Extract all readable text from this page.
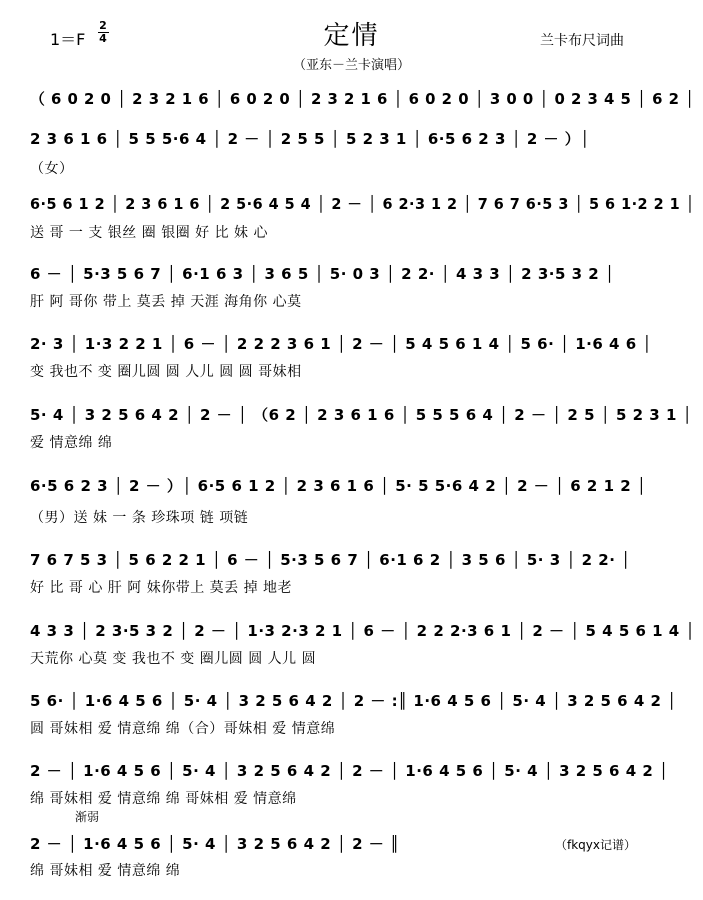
1＝F
2
4	定情	兰卡布尺词曲
（亚东－兰卡演唱）
（ 6 0 2 0 │ 2 3 2 1 6 │ 6 0 2 0 │ 2 3 2 1 6 │ 6 0 2 0 │ 3 0 0 │ 0 2 3 4 5 │ 6 2 │
2 3 6 1 6 │ 5 5 5·6 4 │ 2 － │ 2 5 5 │ 5 2 3 1 │ 6·5 6 2 3 │ 2 － ）│
（女）
6·5 6 1 2 │ 2 3 6 1 6 │ 2 5·6 4 5 4 │ 2 － │ 6 2·3 1 2 │ 7 6 7 6·5 3 │ 5 6 1·2 2 1 │
送 哥 一 支 银丝 圈 银圈 好 比 妹 心
6 － │ 5·3 5 6 7 │ 6·1 6 3 │ 3 6 5 │ 5· 0 3 │ 2 2· │ 4 3 3 │ 2 3·5 3 2 │
肝 阿 哥你 带上 莫丢 掉 天涯 海角你 心莫
2· 3 │ 1·3 2 2 1 │ 6 － │ 2 2 2 3 6 1 │ 2 － │ 5 4 5 6 1 4 │ 5 6· │ 1·6 4 6 │
变 我也不 变 圈儿圆 圆 人儿 圆 圆 哥妹相
5· 4 │ 3 2 5 6 4 2 │ 2 － │ （6 2 │ 2 3 6 1 6 │ 5 5 5 6 4 │ 2 － │ 2 5 │ 5 2 3 1 │
爱 情意绵 绵
6·5 6 2 3 │ 2 － ）│ 6·5 6 1 2 │ 2 3 6 1 6 │ 5· 5 5·6 4 2 │ 2 － │ 6 2 1 2 │
（男）送 妹 一 条 珍珠项 链 项链
7 6 7 5 3 │ 5 6 2 2 1 │ 6 － │ 5·3 5 6 7 │ 6·1 6 2 │ 3 5 6 │ 5· 3 │ 2 2· │
好 比 哥 心 肝 阿 妹你带上 莫丢 掉 地老
4 3 3 │ 2 3·5 3 2 │ 2 － │ 1·3 2·3 2 1 │ 6 － │ 2 2 2·3 6 1 │ 2 － │ 5 4 5 6 1 4 │
天荒你 心莫 变 我也不 变 圈儿圆 圆 人儿 圆
5 6· │ 1·6 4 5 6 │ 5· 4 │ 3 2 5 6 4 2 │ 2 － :║ 1·6 4 5 6 │ 5· 4 │ 3 2 5 6 4 2 │
圆 哥妹相 爱 情意绵 绵（合）哥妹相 爱 情意绵
2 － │ 1·6 4 5 6 │ 5· 4 │ 3 2 5 6 4 2 │ 2 － │ 1·6 4 5 6 │ 5· 4 │ 3 2 5 6 4 2 │
绵 哥妹相 爱 情意绵 绵 哥妹相 爱 情意绵
渐弱
2 － │ 1·6 4 5 6 │ 5· 4 │ 3 2 5 6 4 2 │ 2 － ║
绵 哥妹相 爱 情意绵 绵
（fkqyx记谱）
